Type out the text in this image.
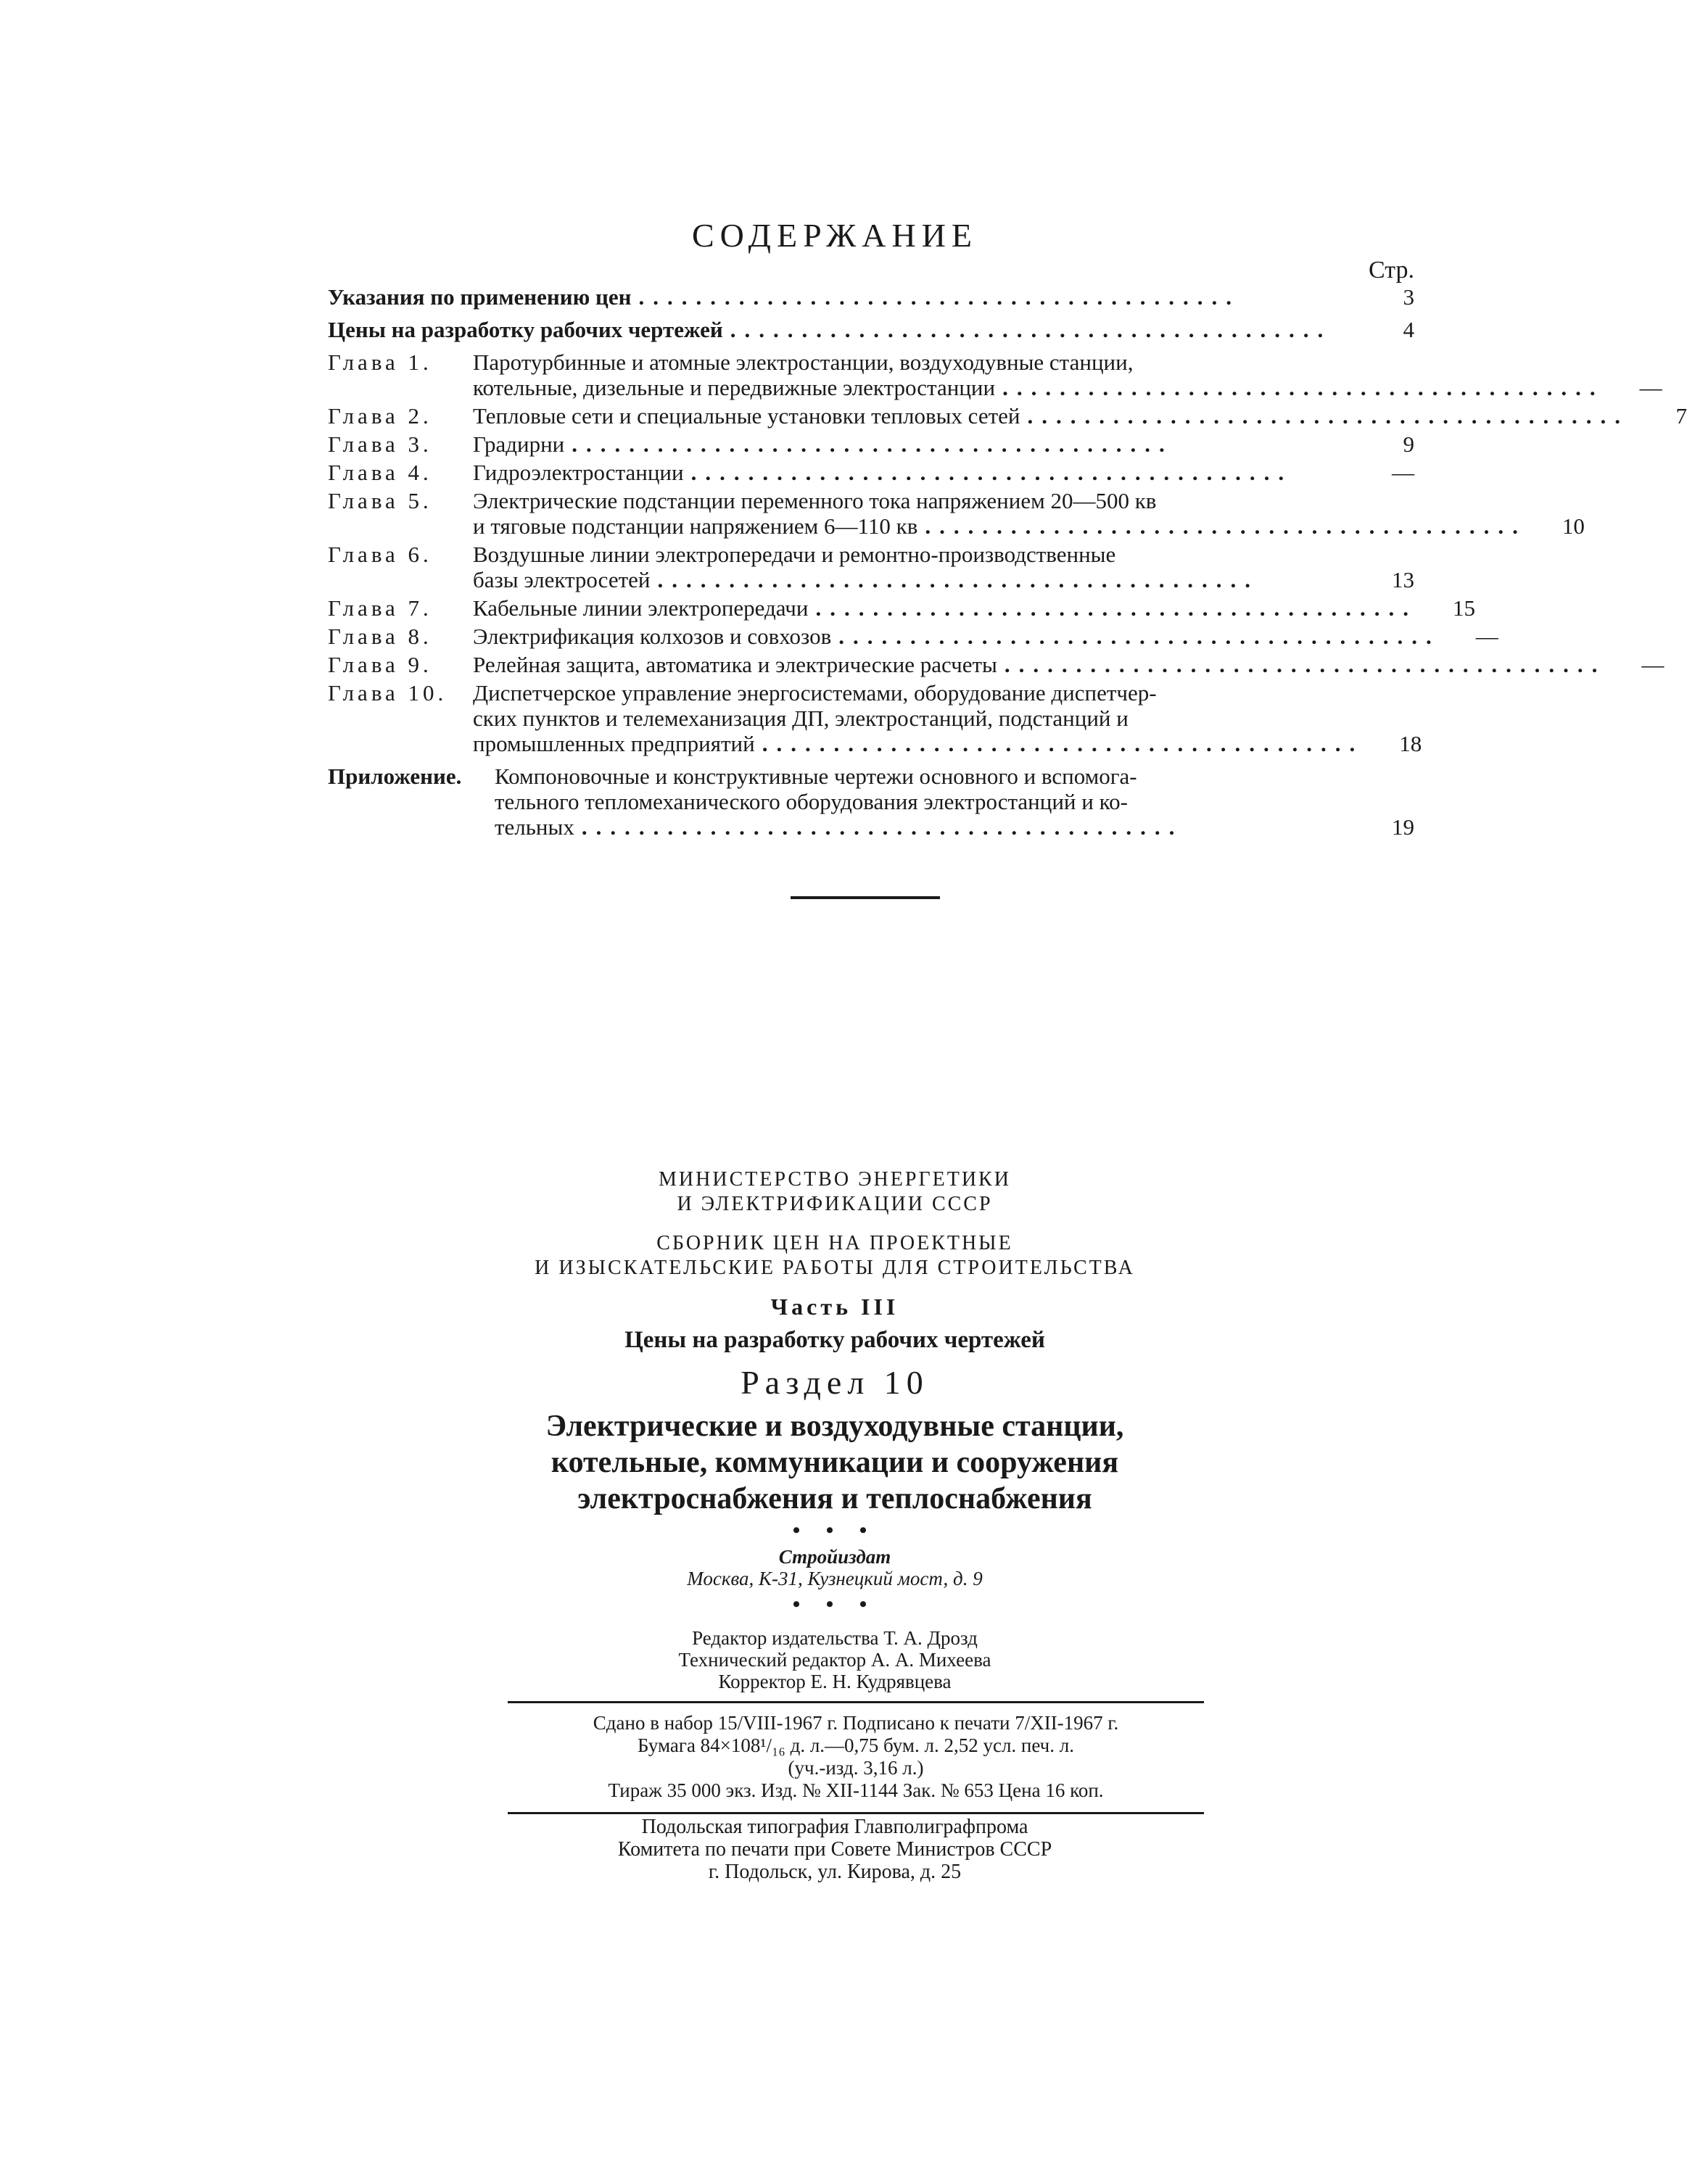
СОДЕРЖАНИЕ
Стр.
Указания по применению цен ..........................................	3
Цены на разработку рабочих чертежей ..........................................	4
Глава 1.	Паротурбинные и атомные электростанции, воздуходувные станции,
котельные, дизельные и передвижные электростанции ..........................................	—
Глава 2.	Тепловые сети и специальные установки тепловых сетей ..........................................	7
Глава 3.	Градирни ..........................................	9
Глава 4.	Гидроэлектростанции ..........................................	—
Глава 5.	Электрические подстанции переменного тока напряжением 20—500 кв
и тяговые подстанции напряжением 6—110 кв ..........................................	10
Глава 6.	Воздушные линии электропередачи и ремонтно-производственные
базы электросетей ..........................................	13
Глава 7.	Кабельные линии электропередачи ..........................................	15
Глава 8.	Электрификация колхозов и совхозов ..........................................	—
Глава 9.	Релейная защита, автоматика и электрические расчеты ..........................................	—
Глава 10.	Диспетчерское управление энергосистемами, оборудование диспетчер-
ских пунктов и телемеханизация ДП, электростанций, подстанций и
промышленных предприятий ..........................................	18
Приложение.	Компоновочные и конструктивные чертежи основного и вспомога-
тельного тепломеханического оборудования электростанций и ко-
тельных ..........................................	19
МИНИСТЕРСТВО ЭНЕРГЕТИКИ
И ЭЛЕКТРИФИКАЦИИ СССР
СБОРНИК ЦЕН НА ПРОЕКТНЫЕ
И ИЗЫСКАТЕЛЬСКИЕ РАБОТЫ ДЛЯ СТРОИТЕЛЬСТВА
Часть III
Цены на разработку рабочих чертежей
Раздел 10
Электрические и воздуходувные станции,
котельные, коммуникации и сооружения
электроснабжения и теплоснабжения
• • •
Стройиздат
Москва, К-31, Кузнецкий мост, д. 9
• • •
Редактор издательства Т. А. Дрозд
Технический редактор А. А. Михеева
Корректор Е. Н. Кудрявцева
Сдано в набор 15/VIII-1967 г. Подписано к печати 7/XII-1967 г.
Бумага 84×108¹/₁₆ д. л.—0,75 бум. л. 2,52 усл. печ. л.
(уч.-изд. 3,16 л.)
Тираж 35 000 экз. Изд. № XII-1144 Зак. № 653 Цена 16 коп.
Подольская типография Главполиграфпрома
Комитета по печати при Совете Министров СССР
г. Подольск, ул. Кирова, д. 25
